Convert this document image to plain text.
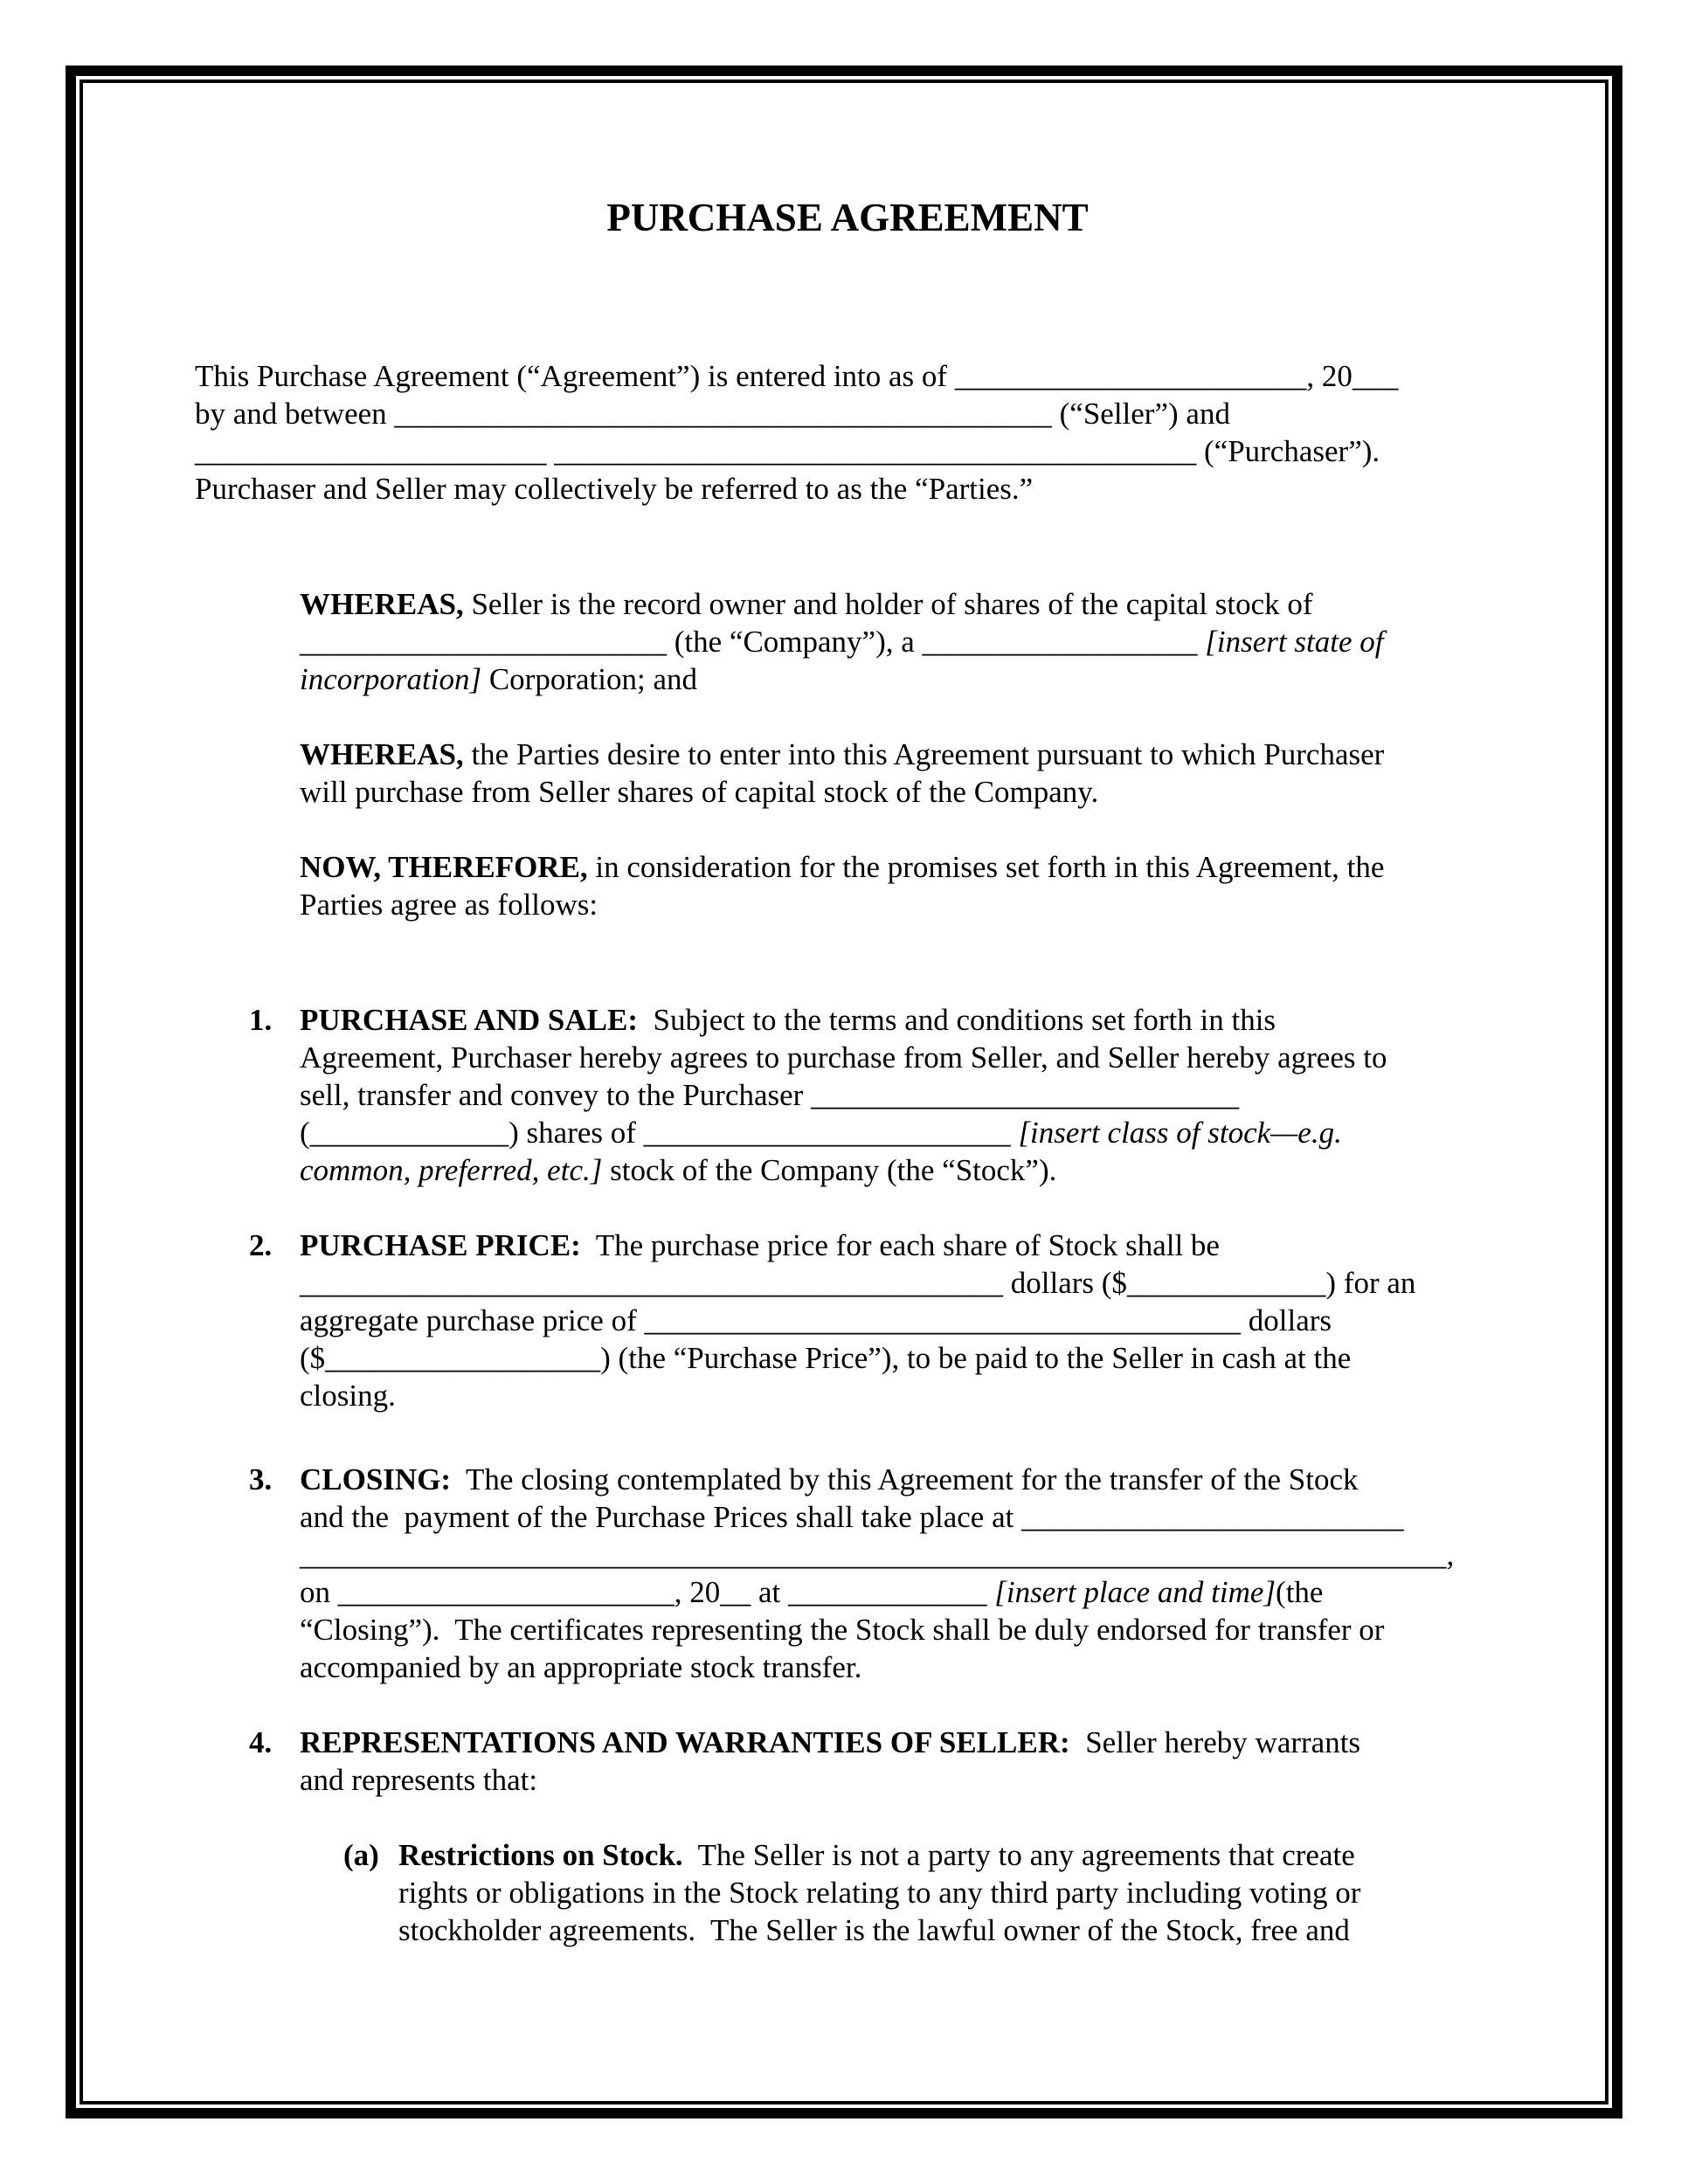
PURCHASE AGREEMENT
This Purchase Agreement (“Agreement”) is entered into as of _______________________, 20___
by and between ___________________________________________ (“Seller”) and
_______________________ __________________________________________ (“Purchaser”).
Purchaser and Seller may collectively be referred to as the “Parties.”
WHEREAS, Seller is the record owner and holder of shares of the capital stock of
________________________ (the “Company”), a __________________ [insert state of
incorporation] Corporation; and
WHEREAS, the Parties desire to enter into this Agreement pursuant to which Purchaser
will purchase from Seller shares of capital stock of the Company.
NOW, THEREFORE, in consideration for the promises set forth in this Agreement, the
Parties agree as follows:
1. PURCHASE AND SALE:  Subject to the terms and conditions set forth in this
Agreement, Purchaser hereby agrees to purchase from Seller, and Seller hereby agrees to
sell, transfer and convey to the Purchaser ____________________________
(_____________) shares of ________________________ [insert class of stock—e.g.
common, preferred, etc.] stock of the Company (the “Stock”).
2. PURCHASE PRICE:  The purchase price for each share of Stock shall be
______________________________________________ dollars ($_____________) for an
aggregate purchase price of _______________________________________ dollars
($__________________) (the “Purchase Price”), to be paid to the Seller in cash at the
closing.
3. CLOSING:  The closing contemplated by this Agreement for the transfer of the Stock
and the  payment of the Purchase Prices shall take place at _________________________
___________________________________________________________________________,
on ______________________, 20__ at _____________ [insert place and time](the
“Closing”).  The certificates representing the Stock shall be duly endorsed for transfer or
accompanied by an appropriate stock transfer.
4. REPRESENTATIONS AND WARRANTIES OF SELLER:  Seller hereby warrants
and represents that:
(a) Restrictions on Stock.  The Seller is not a party to any agreements that create
rights or obligations in the Stock relating to any third party including voting or
stockholder agreements.  The Seller is the lawful owner of the Stock, free and
